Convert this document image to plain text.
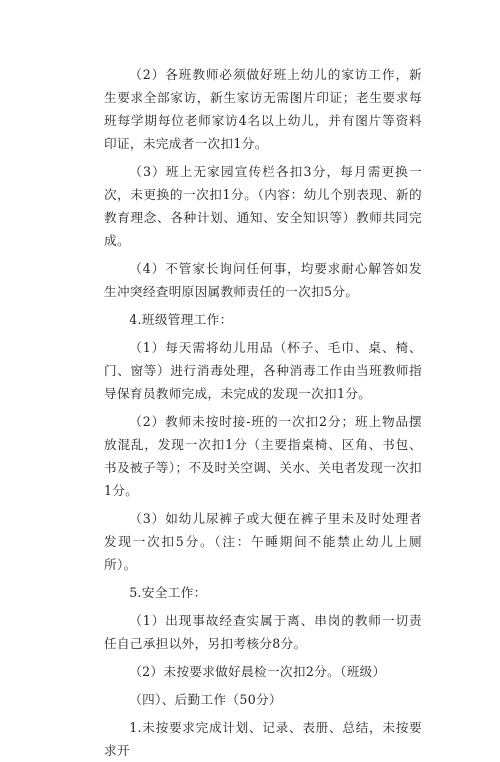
（2）各班教师必须做好班上幼儿的家访工作，新生要求全部家访，新生家访无需图片印证；老生要求每班每学期每位老师家访4名以上幼儿，并有图片等资料印证，未完成者一次扣1分。

（3）班上无家园宣传栏各扣3分，每月需更换一次，未更换的一次扣1分。（内容：幼儿个别表现、新的教育理念、各种计划、通知、安全知识等）教师共同完成。

（4）不管家长询问任何事，均要求耐心解答如发生冲突经查明原因属教师责任的一次扣5分。

4.班级管理工作：

（1）每天需将幼儿用品（杯子、毛巾、桌、椅、门、窗等）进行消毒处理，各种消毒工作由当班教师指导保育员教师完成，未完成的发现一次扣1分。

（2）教师未按时接-班的一次扣2分；班上物品摆放混乱，发现一次扣1分（主要指桌椅、区角、书包、书及被子等）；不及时关空调、关水、关电者发现一次扣1分。

（3）如幼儿尿裤子或大便在裤子里未及时处理者发现一次扣5分。（注：午睡期间不能禁止幼儿上厕所）。

5.安全工作：

（1）出现事故经查实属于离、串岗的教师一切责任自己承担以外，另扣考核分8分。

（2）未按要求做好晨检一次扣2分。（班级）

（四）、后勤工作（50分）

1.未按要求完成计划、记录、表册、总结，未按要求开
